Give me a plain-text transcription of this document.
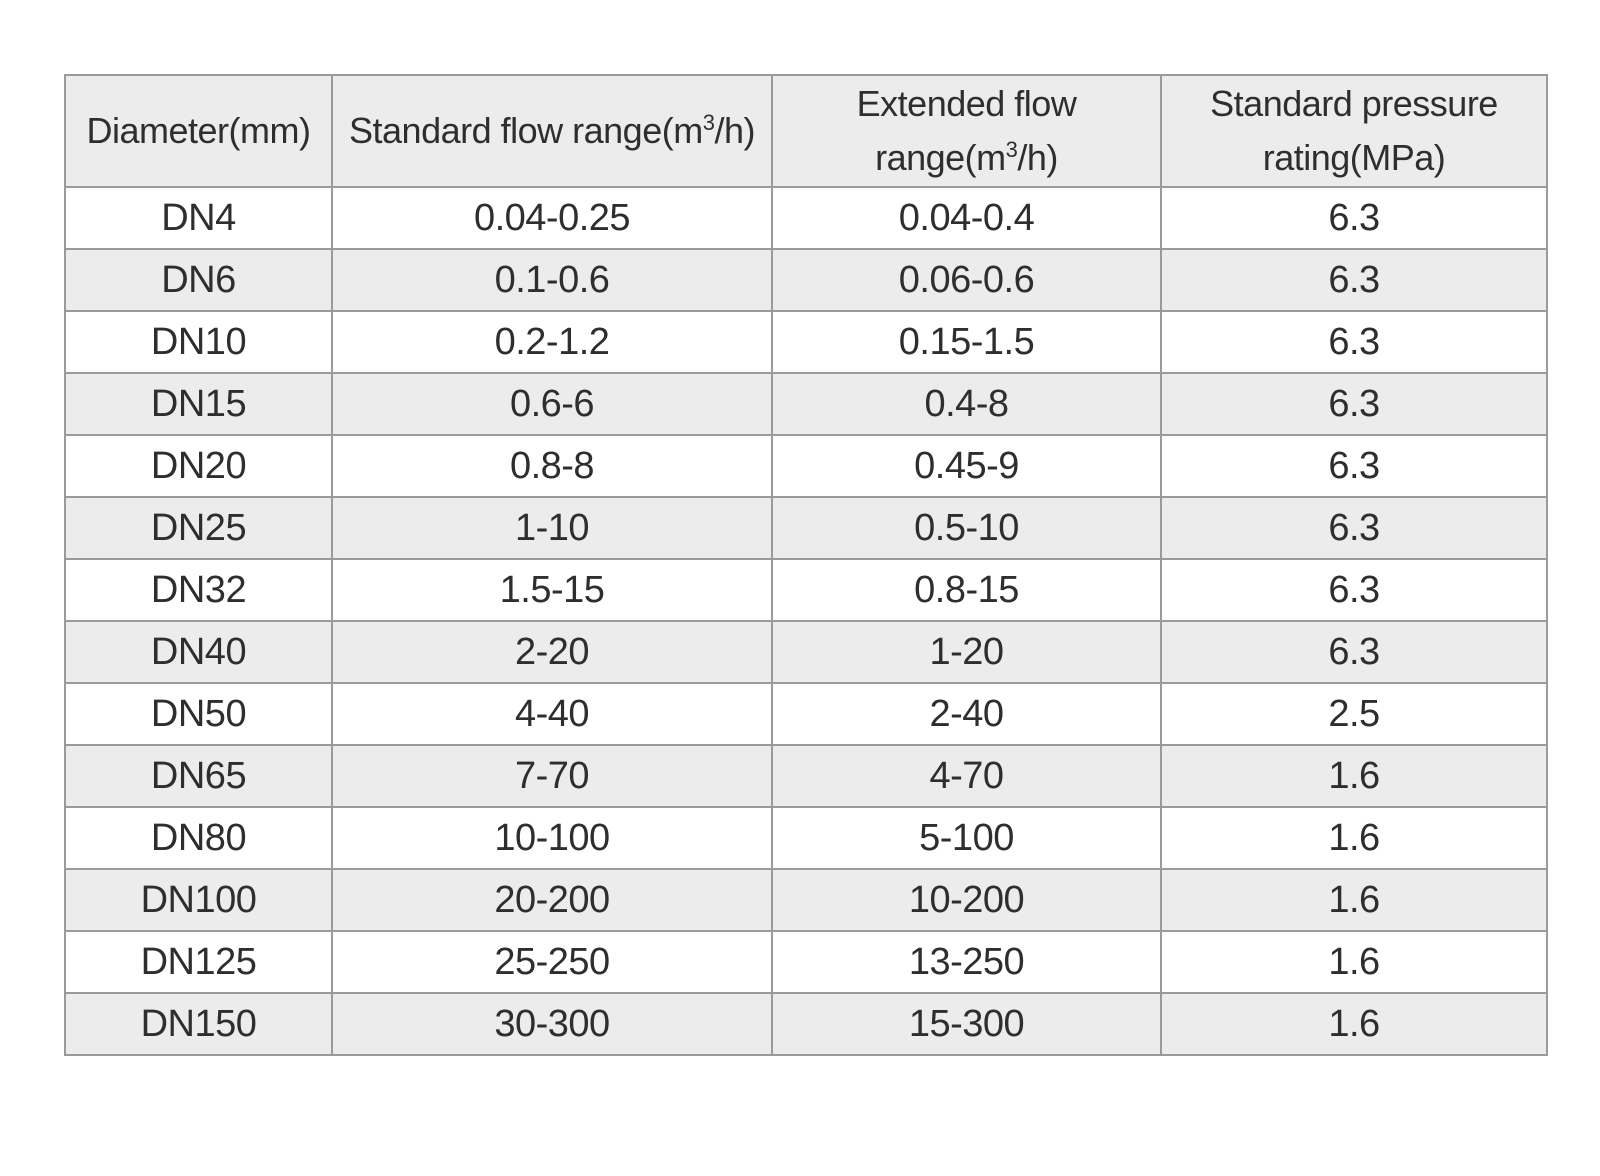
Diameter(mm)	Standard flow $range(m^3/h)$	Extended flow $range(m^3/h)$	Standard pressure
rating(MPa)
DN4	0.04-0.25	0.04-0.4	6.3
DN6	0.1-0.6	0.06-0.6	6.3
DN10	0.2-1.2	0.15-1.5	6.3
DN15	0.6-6	0.4-8	6.3
DN20	0.8-8	0.45-9	6.3
DN25	1-10	0.5-10	6.3
DN32	1.5-15	0.8-15	6.3
DN40	2-20	1-20	6.3
DN50	4-40	2-40	2.5
DN65	7-70	4-70	1.6
DN80	10-100	5-100	1.6
DN100	20-200	10-200	1.6
DN125	25-250	13-250	1.6
DN150	30-300	15-300	1.6
